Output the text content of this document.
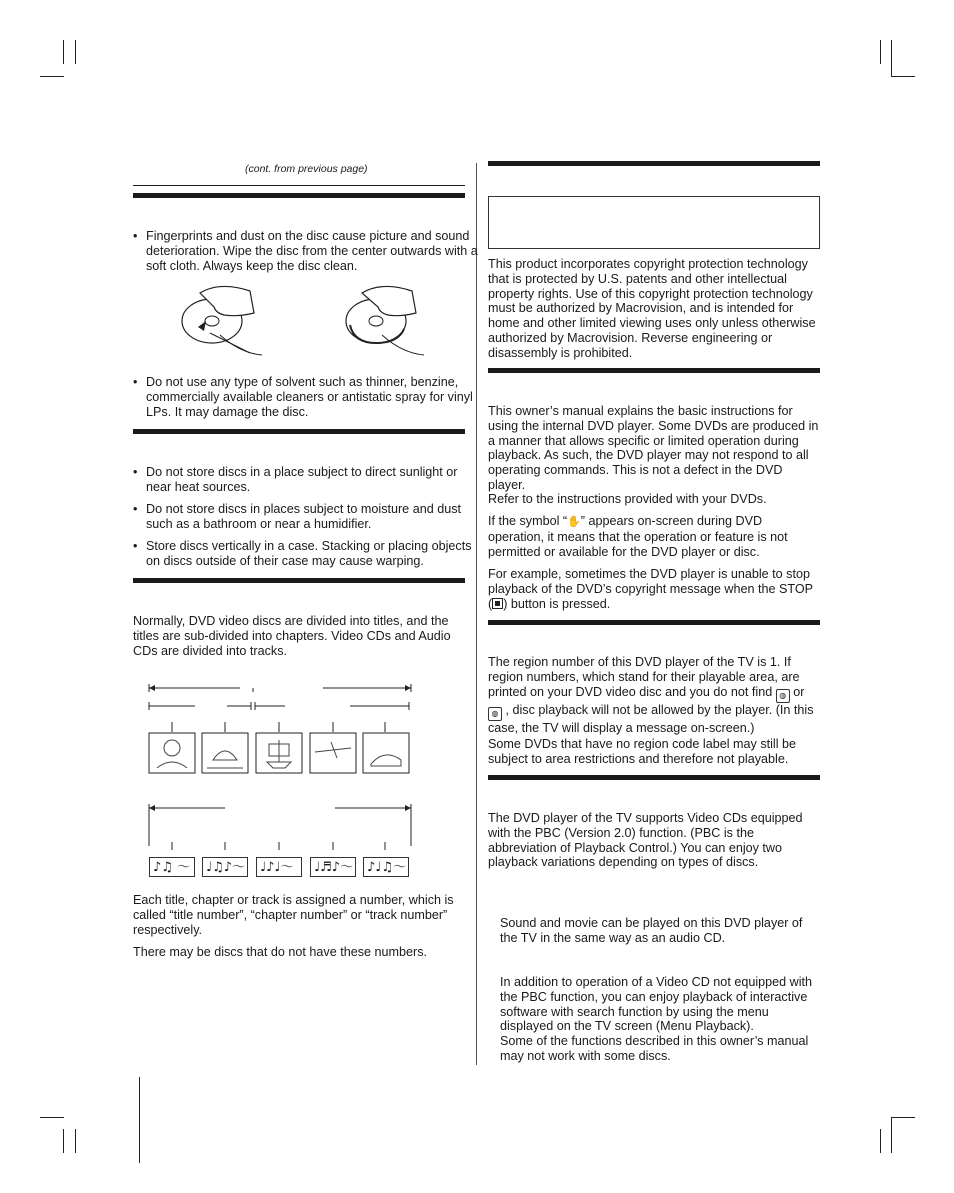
(cont. from previous page)
• Fingerprints and dust on the disc cause picture and sound deterioration. Wipe the disc from the center outwards with a soft cloth. Always keep the disc clean.
• Do not use any type of solvent such as thinner, benzine, commercially available cleaners or antistatic spray for vinyl LPs. It may damage the disc.
• Do not store discs in a place subject to direct sunlight or near heat sources.
• Do not store discs in places subject to moisture and dust such as a bathroom or near a humidifier.
• Store discs vertically in a case. Stacking or placing objects on discs outside of their case may cause warping.

Normally, DVD video discs are divided into titles, and the titles are sub-divided into chapters. Video CDs and Audio CDs are divided into tracks.

♪♫ ～	♩♫♪～	♩♪♩～	♩♬♪～	♪♩♫～

Each title, chapter or track is assigned a number, which is called “title number”, “chapter number” or “track number” respectively.

There may be discs that do not have these numbers.

This product incorporates copyright protection technology that is protected by U.S. patents and other intellectual property rights. Use of this copyright protection technology must be authorized by Macrovision, and is intended for home and other limited viewing uses only unless otherwise authorized by Macrovision. Reverse engineering or disassembly is prohibited.

This owner’s manual explains the basic instructions for using the internal DVD player. Some DVDs are produced in a manner that allows specific or limited operation during playback. As such, the DVD player may not respond to all operating commands. This is not a defect in the DVD player.

Refer to the instructions provided with your DVDs.

If the symbol “✋” appears on-screen during DVD operation, it means that the operation or feature is not permitted or available for the DVD player or disc.

For example, sometimes the DVD player is unable to stop playback of the DVD’s copyright message when the STOP ( ) button is pressed.

The region number of this DVD player of the TV is 1. If region numbers, which stand for their playable area, are printed on your DVD video disc and you do not find ◍ or
◍ , disc playback will not be allowed by the player. (In this case, the TV will display a message on-screen.)

Some DVDs that have no region code label may still be subject to area restrictions and therefore not playable.

The DVD player of the TV supports Video CDs equipped with the PBC (Version 2.0) function. (PBC is the abbreviation of Playback Control.) You can enjoy two playback variations depending on types of discs.

Sound and movie can be played on this DVD player of the TV in the same way as an audio CD.

In addition to operation of a Video CD not equipped with the PBC function, you can enjoy playback of interactive software with search function by using the menu displayed on the TV screen (Menu Playback).

Some of the functions described in this owner’s manual may not work with some discs.
